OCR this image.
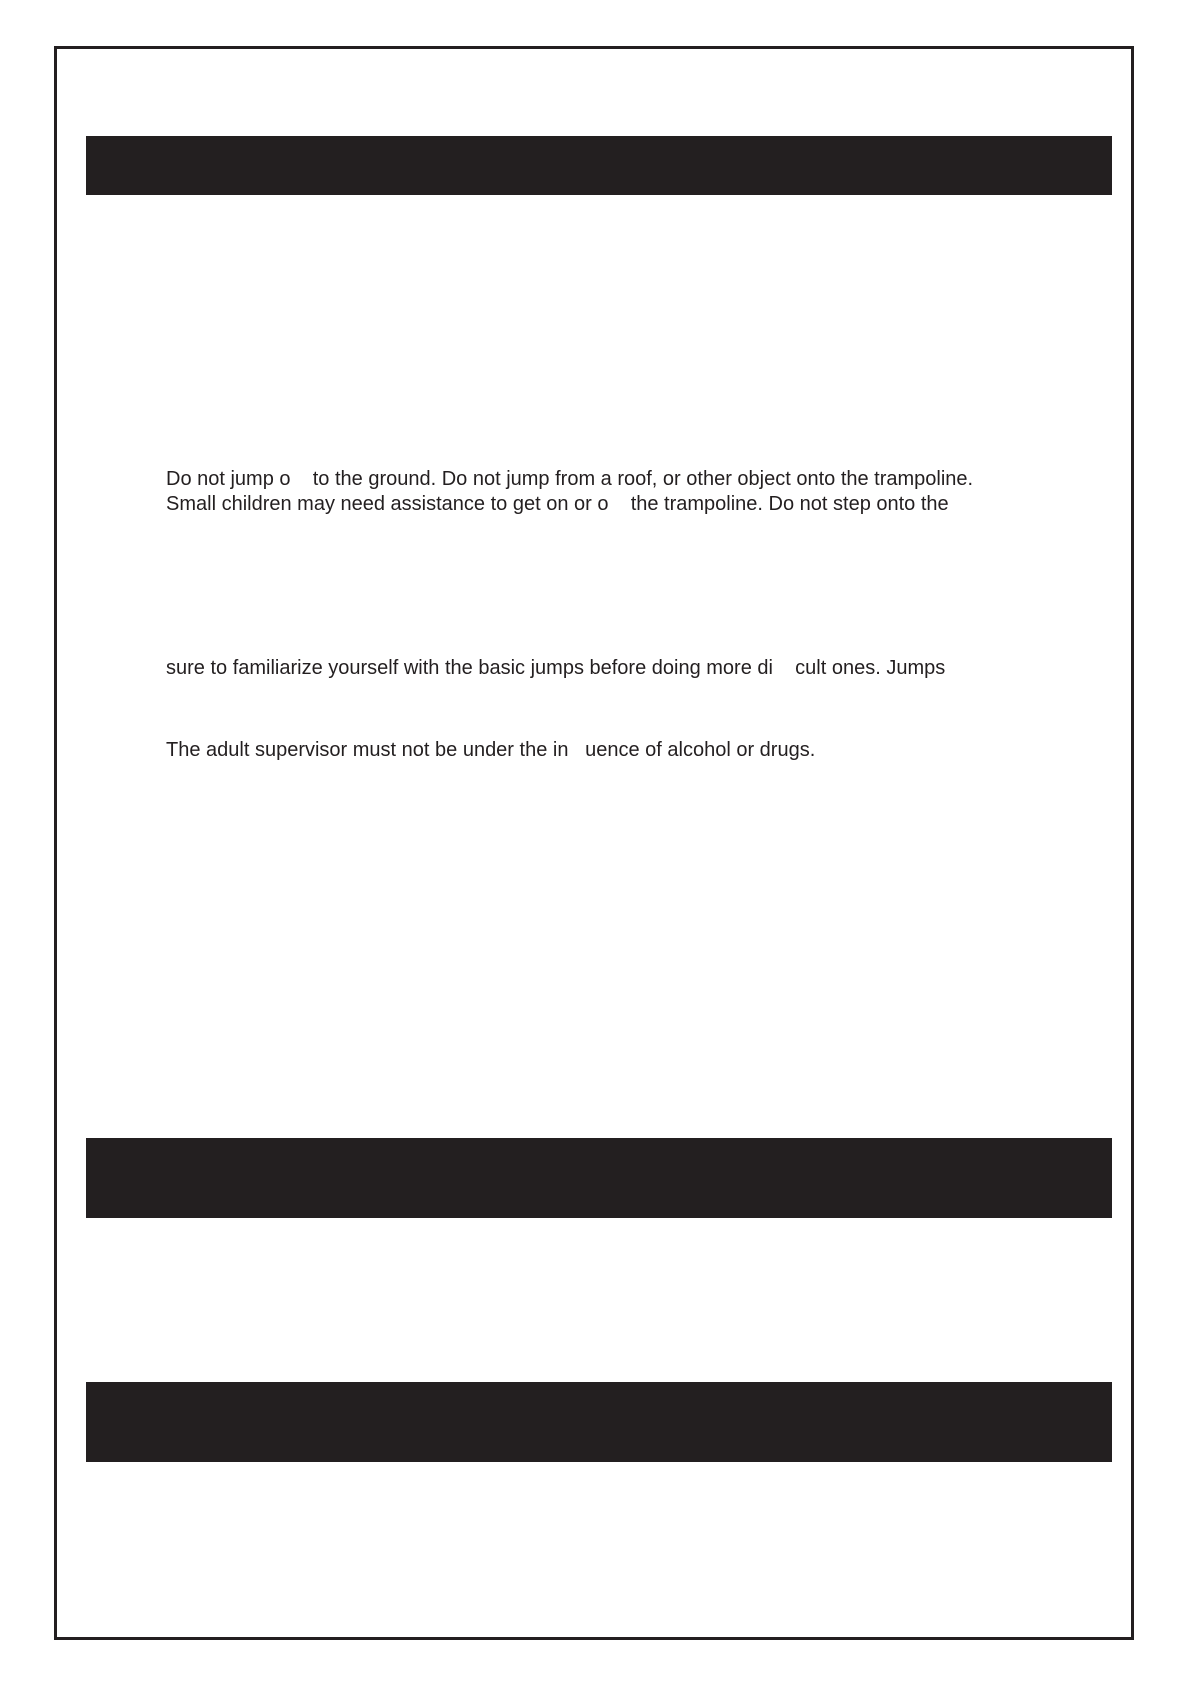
Do not jump o    to the ground. Do not jump from a roof, or other object onto the trampoline.

Small children may need assistance to get on or o    the trampoline. Do not step onto the

sure to familiarize yourself with the basic jumps before doing more di    cult ones. Jumps

The adult supervisor must not be under the in   uence of alcohol or drugs.
